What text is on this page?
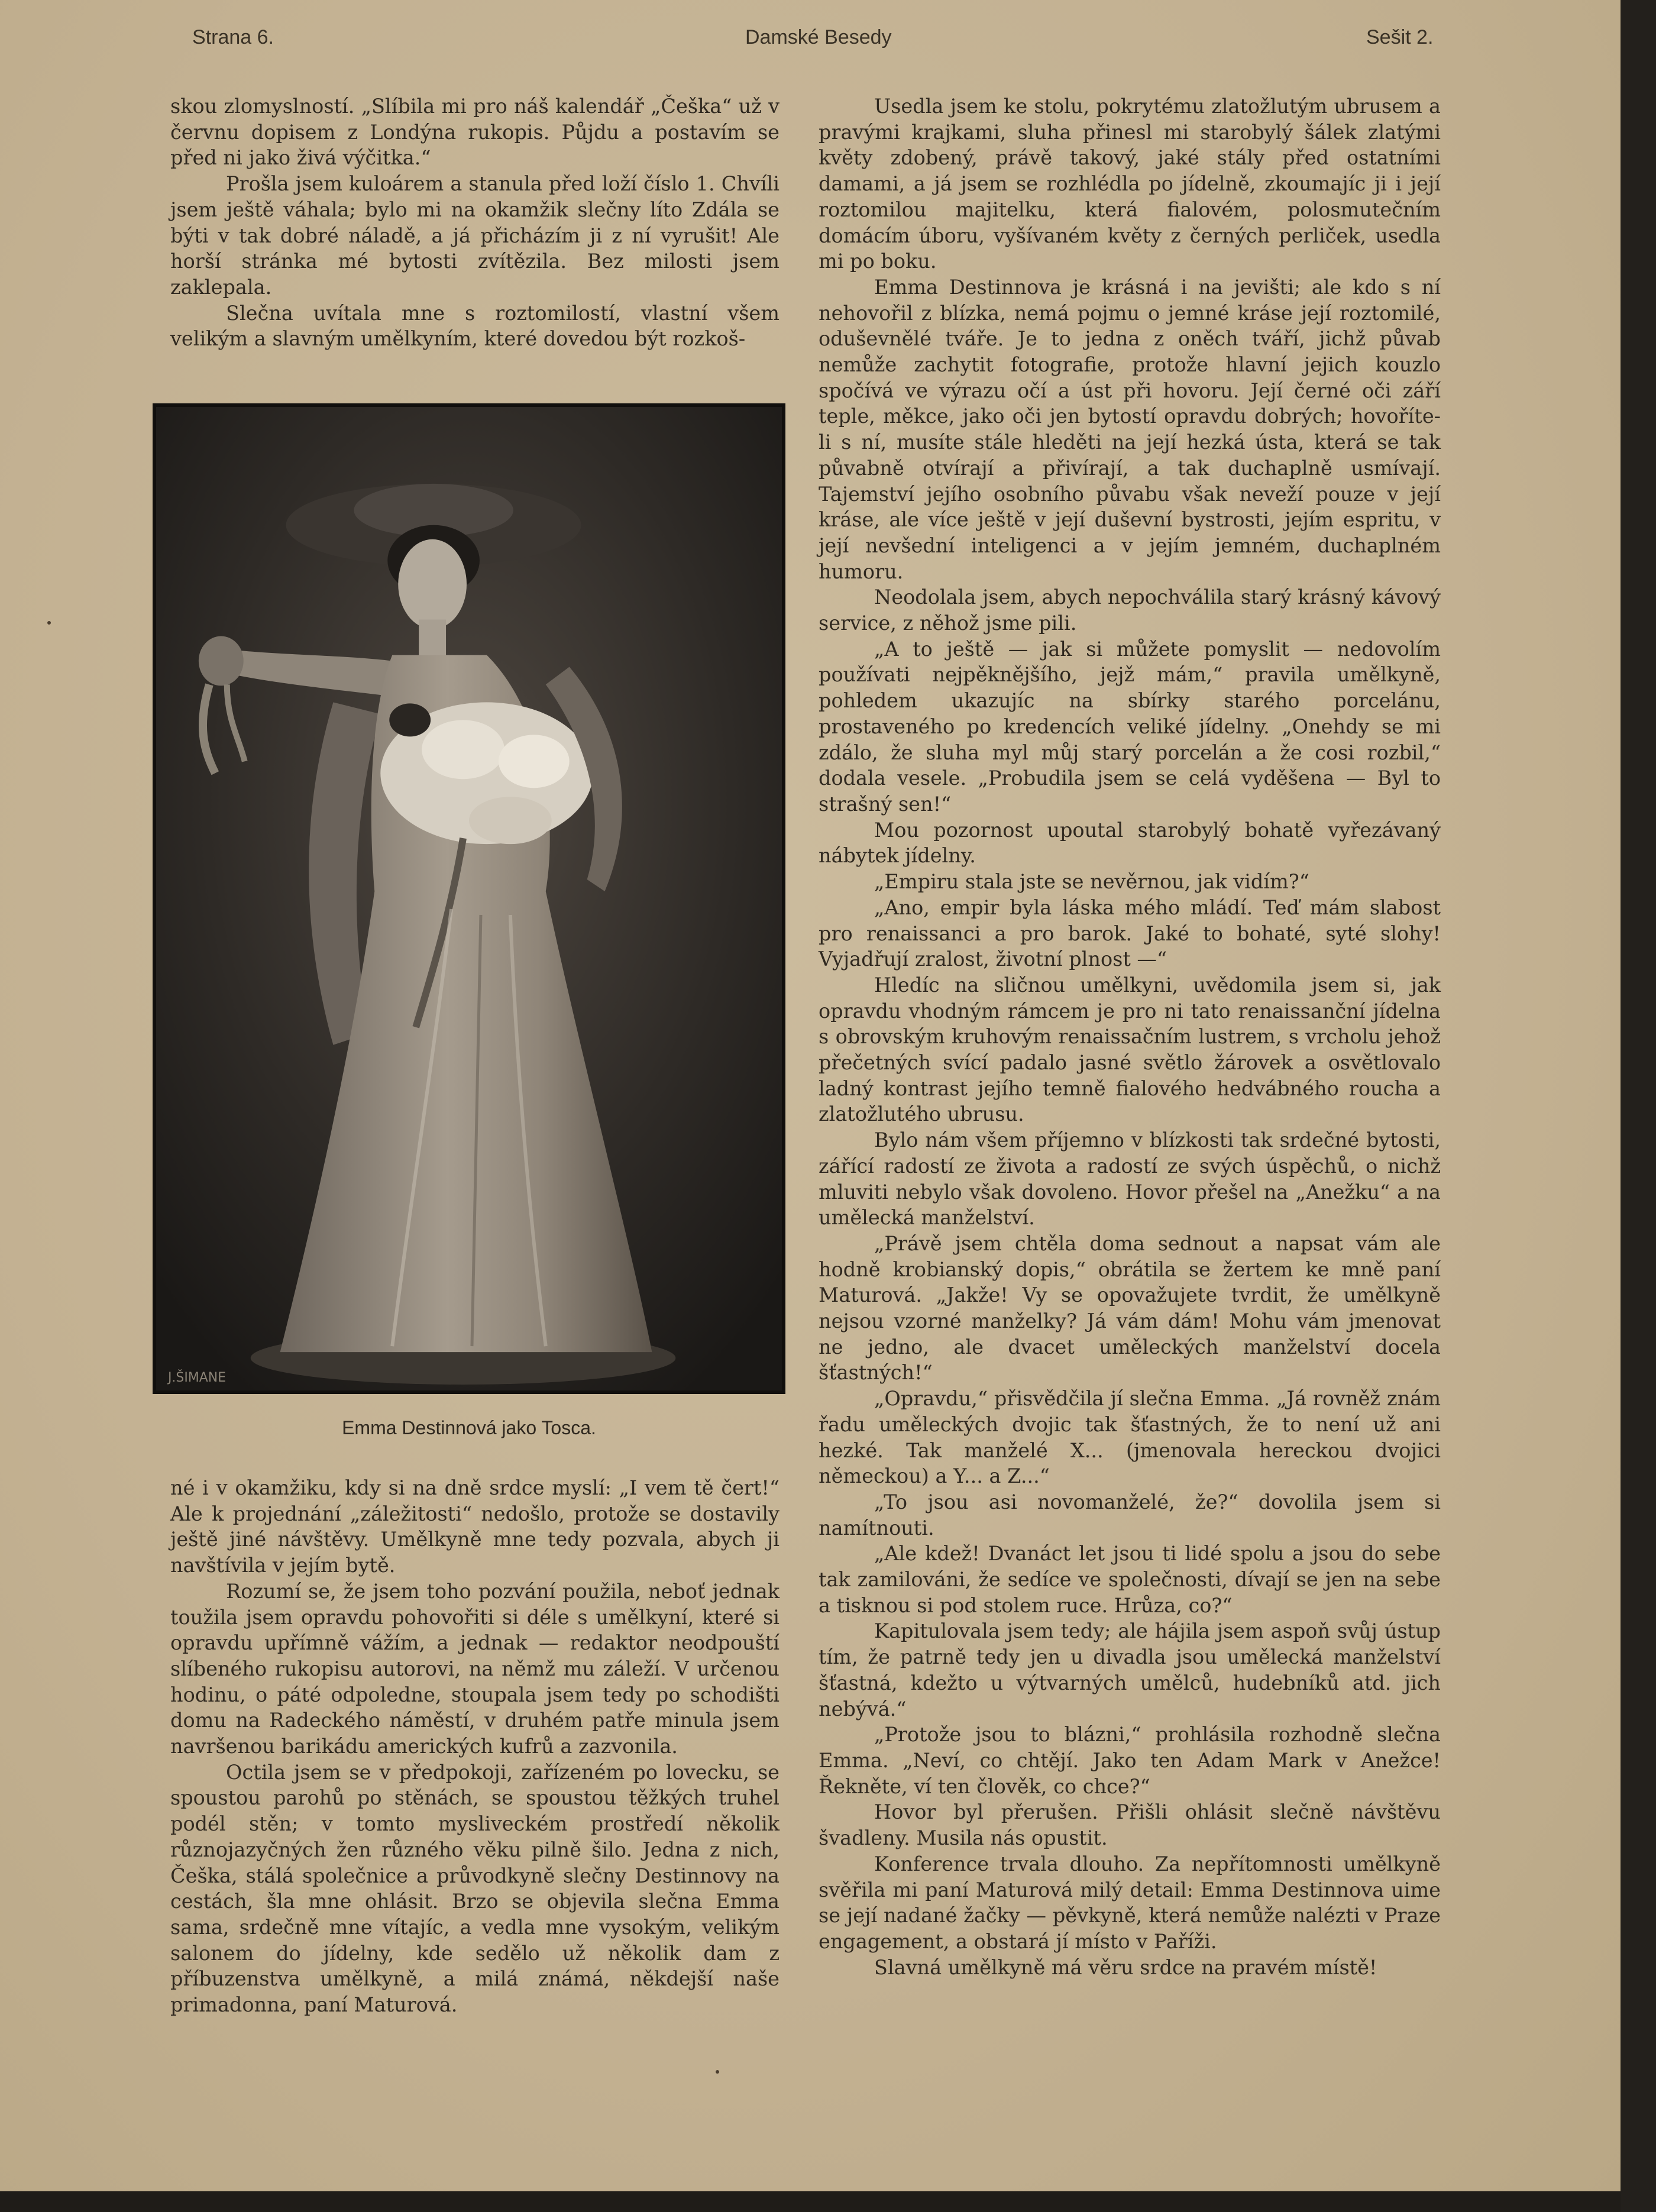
Strana 6.	Damské Besedy	Sešit 2.

skou zlomyslností. „Slíbila mi pro náš kalendář „Češka“ už v červnu dopisem z Londýna rukopis. Půjdu a postavím se před ni jako živá výčitka.“

Prošla jsem kuloárem a stanula před loží číslo 1. Chvíli jsem ještě váhala; bylo mi na okamžik slečny líto Zdála se býti v tak dobré náladě, a já přicházím ji z ní vyrušit! Ale horší stránka mé bytosti zvítězila. Bez milosti jsem zaklepala.

Slečna uvítala mne s roztomilostí, vlastní všem velikým a slavným umělkyním, které dovedou být rozkoš-

J.ŠIMANE
Emma Destinnová jako Tosca.

né i v okamžiku, kdy si na dně srdce myslí: „I vem tě čert!“ Ale k projednání „záležitosti“ nedošlo, protože se dostavily ještě jiné návštěvy. Umělkyně mne tedy pozvala, abych ji navštívila v jejím bytě.

Rozumí se, že jsem toho pozvání použila, neboť jednak toužila jsem opravdu pohovořiti si déle s umělkyní, které si opravdu upřímně vážím, a jednak — redaktor neodpouští slíbeného rukopisu autorovi, na němž mu záleží. V určenou hodinu, o páté odpoledne, stoupala jsem tedy po schodišti domu na Radeckého náměstí, v druhém patře minula jsem navršenou barikádu amerických kufrů a zazvonila.

Octila jsem se v předpokoji, zařízeném po lovecku, se spoustou parohů po stěnách, se spoustou těžkých truhel podél stěn; v tomto mysliveckém prostředí několik různojazyčných žen různého věku pilně šilo. Jedna z nich, Češka, stálá společnice a průvodkyně slečny Destinnovy na cestách, šla mne ohlásit. Brzo se objevila slečna Emma sama, srdečně mne vítajíc, a vedla mne vysokým, velikým salonem do jídelny, kde sedělo už několik dam z příbuzenstva umělkyně, a milá známá, někdejší naše primadonna, paní Maturová.

Usedla jsem ke stolu, pokrytému zlatožlutým ubrusem a pravými krajkami, sluha přinesl mi starobylý šálek zlatými květy zdobený, právě takový, jaké stály před ostatními damami, a já jsem se rozhlédla po jídelně, zkoumajíc ji i její roztomilou majitelku, která fialovém, polosmutečním domácím úboru, vyšívaném květy z černých perliček, usedla mi po boku.

Emma Destinnova je krásná i na jevišti; ale kdo s ní nehovořil z blízka, nemá pojmu o jemné kráse její roztomilé, oduševnělé tváře. Je to jedna z oněch tváří, jichž půvab nemůže zachytit fotografie, protože hlavní jejich kouzlo spočívá ve výrazu očí a úst při hovoru. Její černé oči září teple, měkce, jako oči jen bytostí opravdu dobrých; hovoříte-li s ní, musíte stále hleděti na její hezká ústa, která se tak půvabně otvírají a přivírají, a tak duchaplně usmívají. Tajemství jejího osobního půvabu však neveží pouze v její kráse, ale více ještě v její duševní bystrosti, jejím espritu, v její nevšední inteligenci a v jejím jemném, duchaplném humoru.

Neodolala jsem, abych nepochválila starý krásný kávový service, z něhož jsme pili.

„A to ještě — jak si můžete pomyslit — nedovolím používati nejpěknějšího, jejž mám,“ pravila umělkyně, pohledem ukazujíc na sbírky starého porcelánu, prostaveného po kredencích veliké jídelny. „Onehdy se mi zdálo, že sluha myl můj starý porcelán a že cosi rozbil,“ dodala vesele. „Probudila jsem se celá vyděšena — Byl to strašný sen!“

Mou pozornost upoutal starobylý bohatě vyřezávaný nábytek jídelny.

„Empiru stala jste se nevěrnou, jak vidím?“

„Ano, empir byla láska mého mládí. Teď mám slabost pro renaissanci a pro barok. Jaké to bohaté, syté slohy! Vyjadřují zralost, životní plnost —“

Hledíc na sličnou umělkyni, uvědomila jsem si, jak opravdu vhodným rámcem je pro ni tato renaissanční jídelna s obrovským kruhovým renaissačním lustrem, s vrcholu jehož přečetných svící padalo jasné světlo žárovek a osvětlovalo ladný kontrast jejího temně fialového hedvábného roucha a zlatožlutého ubrusu.

Bylo nám všem příjemno v blízkosti tak srdečné bytosti, zářící radostí ze života a radostí ze svých úspěchů, o nichž mluviti nebylo však dovoleno. Hovor přešel na „Anežku“ a na umělecká manželství.

„Právě jsem chtěla doma sednout a napsat vám ale hodně krobianský dopis,“ obrátila se žertem ke mně paní Maturová. „Jakže! Vy se opovažujete tvrdit, že umělkyně nejsou vzorné manželky? Já vám dám! Mohu vám jmenovat ne jedno, ale dvacet uměleckých manželství docela šťastných!“

„Opravdu,“ přisvědčila jí slečna Emma. „Já rovněž znám řadu uměleckých dvojic tak šťastných, že to není už ani hezké. Tak manželé X... (jmenovala hereckou dvojici německou) a Y... a Z...“

„To jsou asi novomanželé, že?“ dovolila jsem si namítnouti.

„Ale kdež! Dvanáct let jsou ti lidé spolu a jsou do sebe tak zamilováni, že sedíce ve společnosti, dívají se jen na sebe a tisknou si pod stolem ruce. Hrůza, co?“

Kapitulovala jsem tedy; ale hájila jsem aspoň svůj ústup tím, že patrně tedy jen u divadla jsou umělecká manželství šťastná, kdežto u výtvarných umělců, hudebníků atd. jich nebývá.“

„Protože jsou to blázni,“ prohlásila rozhodně slečna Emma. „Neví, co chtějí. Jako ten Adam Mark v Anežce! Řekněte, ví ten člověk, co chce?“

Hovor byl přerušen. Přišli ohlásit slečně návštěvu švadleny. Musila nás opustit.

Konference trvala dlouho. Za nepřítomnosti umělkyně svěřila mi paní Maturová milý detail: Emma Destinnova uime se její nadané žačky — pěvkyně, která nemůže nalézti v Praze engagement, a obstará jí místo v Paříži.

Slavná umělkyně má věru srdce na pravém místě!
